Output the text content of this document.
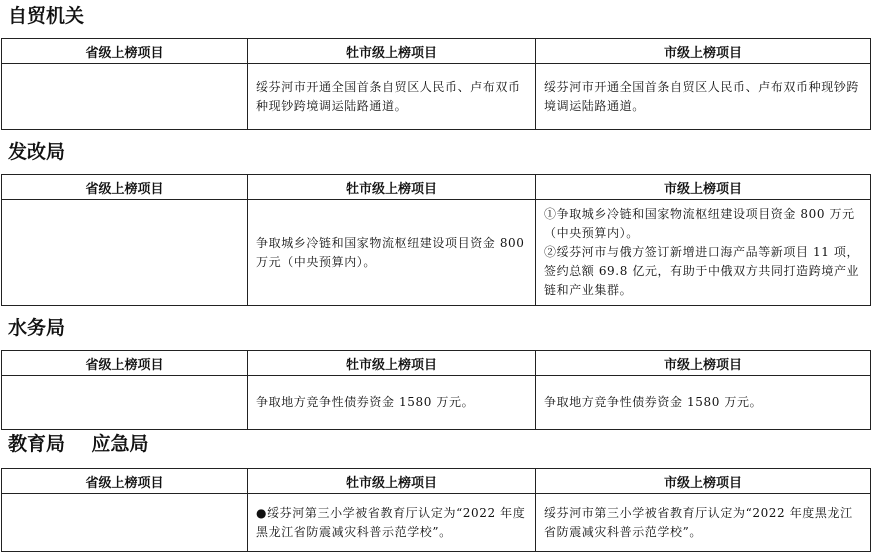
自贸机关
省级上榜项目	牡市级上榜项目	市级上榜项目
	绥芬河市开通全国首条自贸区人民币、卢布双币种现钞跨境调运陆路通道。	绥芬河市开通全国首条自贸区人民币、卢布双币种现钞跨境调运陆路通道。
发改局
省级上榜项目	牡市级上榜项目	市级上榜项目
	争取城乡冷链和国家物流枢纽建设项目资金 800 万元（中央预算内）。	①争取城乡冷链和国家物流枢纽建设项目资金 800 万元（中央预算内）。
②绥芬河市与俄方签订新增进口海产品等新项目 11 项，签约总额 69.8 亿元，有助于中俄双方共同打造跨境产业链和产业集群。
水务局
省级上榜项目	牡市级上榜项目	市级上榜项目
	争取地方竞争性债券资金 1580 万元。	争取地方竞争性债券资金 1580 万元。
教育局    应急局
省级上榜项目	牡市级上榜项目	市级上榜项目
	●绥芬河第三小学被省教育厅认定为“2022 年度黑龙江省防震减灾科普示范学校”。	绥芬河市第三小学被省教育厅认定为“2022 年度黑龙江省防震减灾科普示范学校”。
